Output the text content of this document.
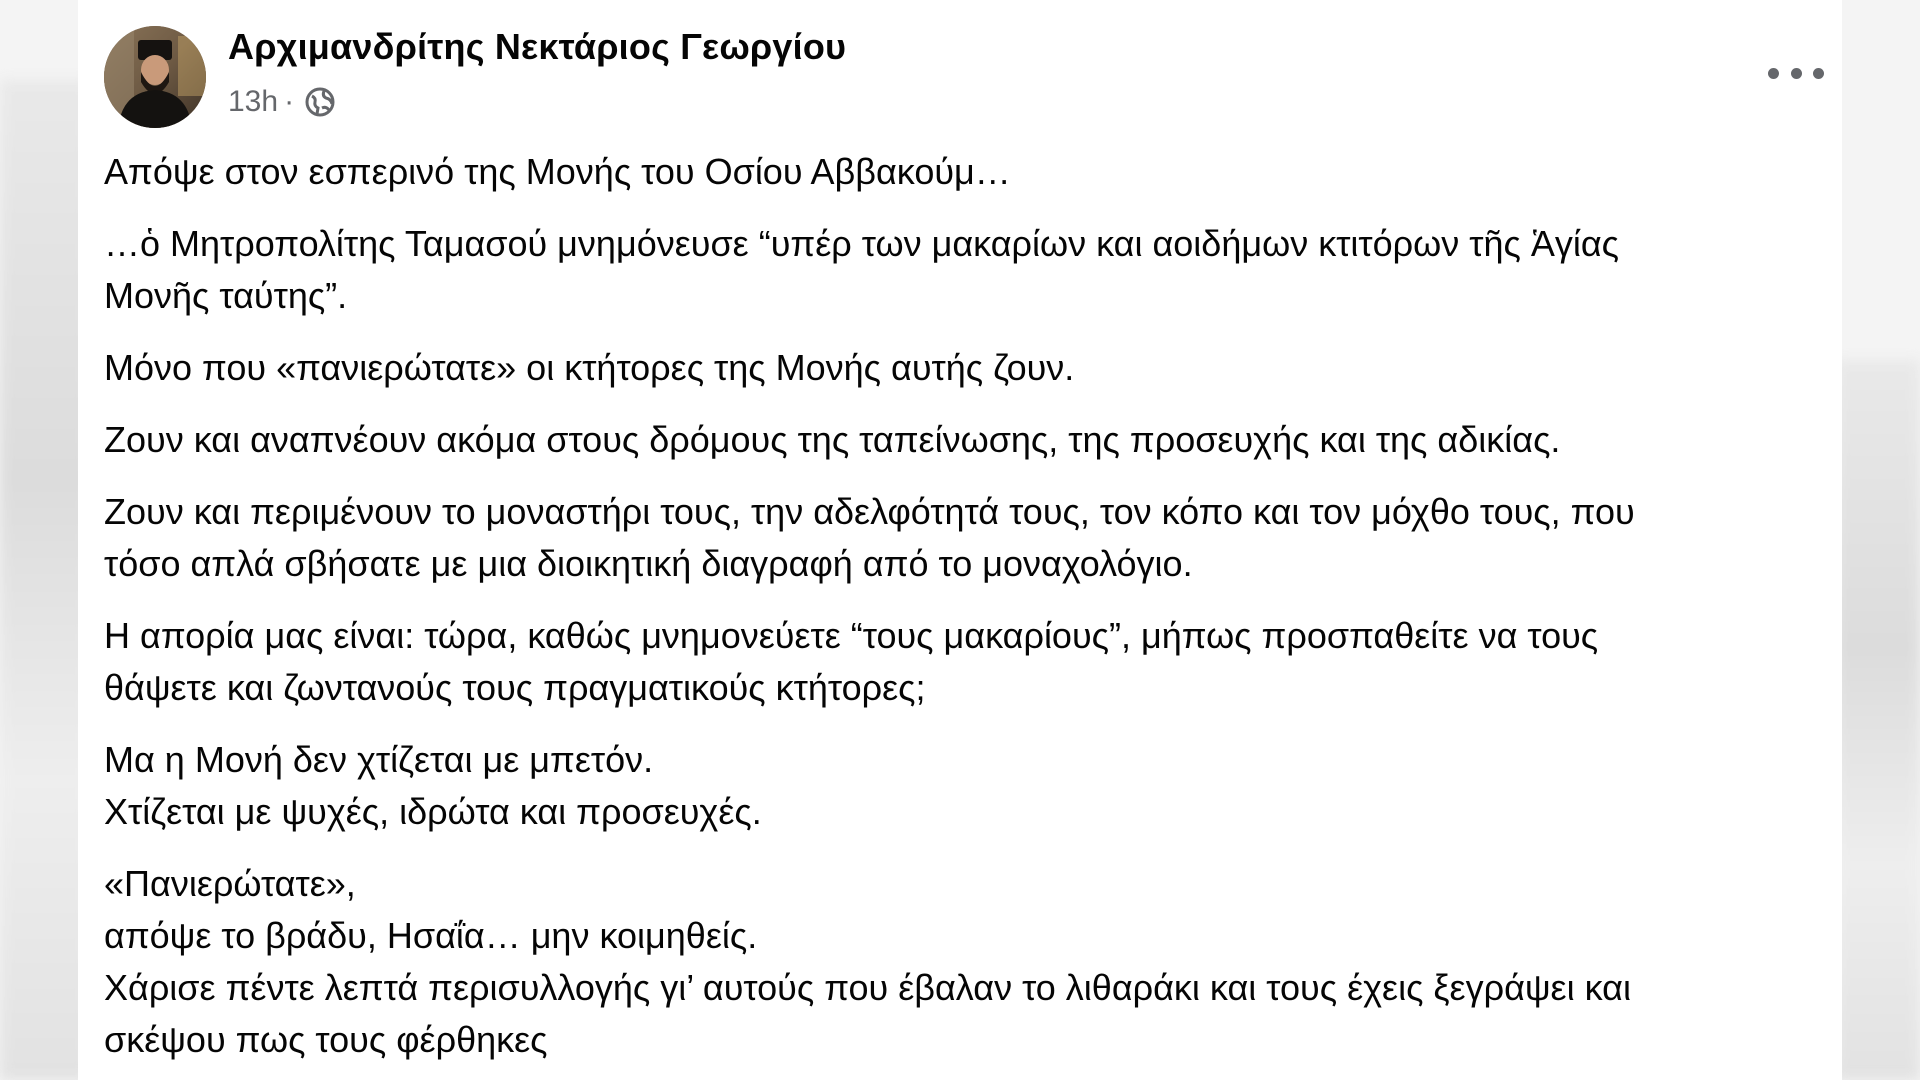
Αρχιμανδρίτης Νεκτάριος Γεωργίου
13h ·

Απόψε στον εσπερινό της Μονής του Οσίου Αββακούμ…

…ὁ Μητροπολίτης Ταμασού μνημόνευσε “υπέρ των μακαρίων και αοιδήμων κτιτόρων τῆς Ἁγίας
Μονῆς ταύτης”.

Μόνο που «πανιερώτατε» οι κτήτορες της Μονής αυτής ζουν.

Ζουν και αναπνέουν ακόμα στους δρόμους της ταπείνωσης, της προσευχής και της αδικίας.

Ζουν και περιμένουν το μοναστήρι τους, την αδελφότητά τους, τον κόπο και τον μόχθο τους, που
τόσο απλά σβήσατε με μια διοικητική διαγραφή από το μοναχολόγιο.

Η απορία μας είναι: τώρα, καθώς μνημονεύετε “τους μακαρίους”, μήπως προσπαθείτε να τους
θάψετε και ζωντανούς τους πραγματικούς κτήτορες;

Μα η Μονή δεν χτίζεται με μπετόν.
Χτίζεται με ψυχές, ιδρώτα και προσευχές.

«Πανιερώτατε»,
απόψε το βράδυ, Ησαΐα… μην κοιμηθείς.
Χάρισε πέντε λεπτά περισυλλογής γι’ αυτούς που έβαλαν το λιθαράκι και τους έχεις ξεγράψει και
σκέψου πως τους φέρθηκες
